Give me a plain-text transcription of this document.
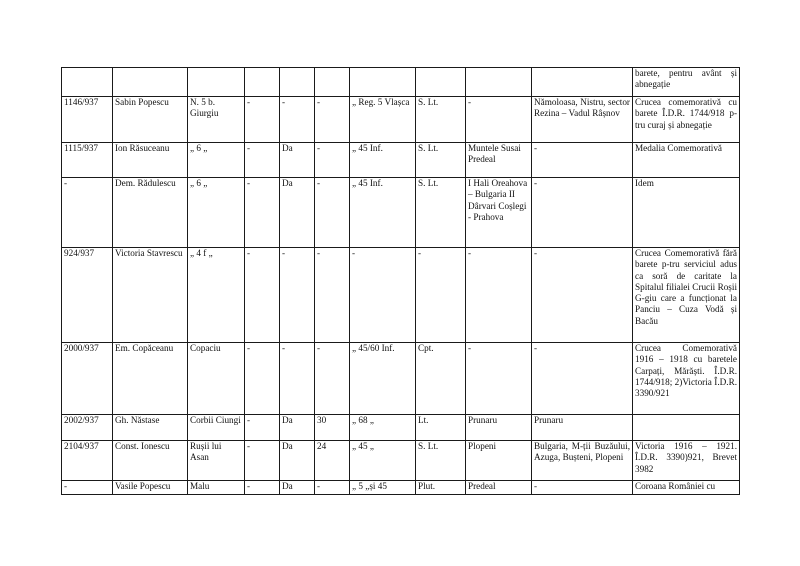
										barete, pentru avânt și abnegație
1146/937	Sabin Popescu	N. 5 b. Giurgiu	-	-	-	„ Reg. 5 Vlașca	S. Lt.	-	Nămoloasa, Nistru, sector Rezina – Vadul Râșnov	Crucea comemorativă cu barete Î.D.R. 1744/918 p-tru curaj și abnegație
1115/937	Ion Răsuceanu	„ 6 „	-	Da	-	„ 45 Inf.	S. Lt.	Muntele Susai Predeal	-	Medalia Comemorativă
-	Dem. Rădulescu	„ 6 „	-	Da	-	„ 45 Inf.	S. Lt.	I Hali Oreahova – Bulgaria II Dârvari Coșlegi - Prahova	-	Idem
924/937	Victoria Stavrescu	„ 4 f „	-	-	-	-	-	-	-	Crucea Comemorativă fără barete p-tru serviciul adus ca soră de caritate la Spitalul filialei Crucii Roșii G-giu care a funcționat la Panciu – Cuza Vodă și Bacău
2000/937	Em. Copăceanu	Copaciu	-	-	-	„ 45/60 Inf.	Cpt.	-	-	Crucea Comemorativă 1916 – 1918 cu baretele Carpați, Mărăști. Î.D.R. 1744/918; 2)Victoria Î.D.R. 3390/921
2002/937	Gh. Năstase	Corbii Ciungi	-	Da	30	„ 68 „	Lt.	Prunaru	Prunaru	
2104/937	Const. Ionescu	Rușii lui Asan	-	Da	24	„ 45 „	S. Lt.	Plopeni	Bulgaria, M-ții Buzăului, Azuga, Bușteni, Plopeni	Victoria 1916 – 1921. Î.D.R. 3390)921, Brevet 3982
-	Vasile Popescu	Malu	-	Da	-	„ 5 „și 45	Plut.	Predeal	-	Coroana României cu
